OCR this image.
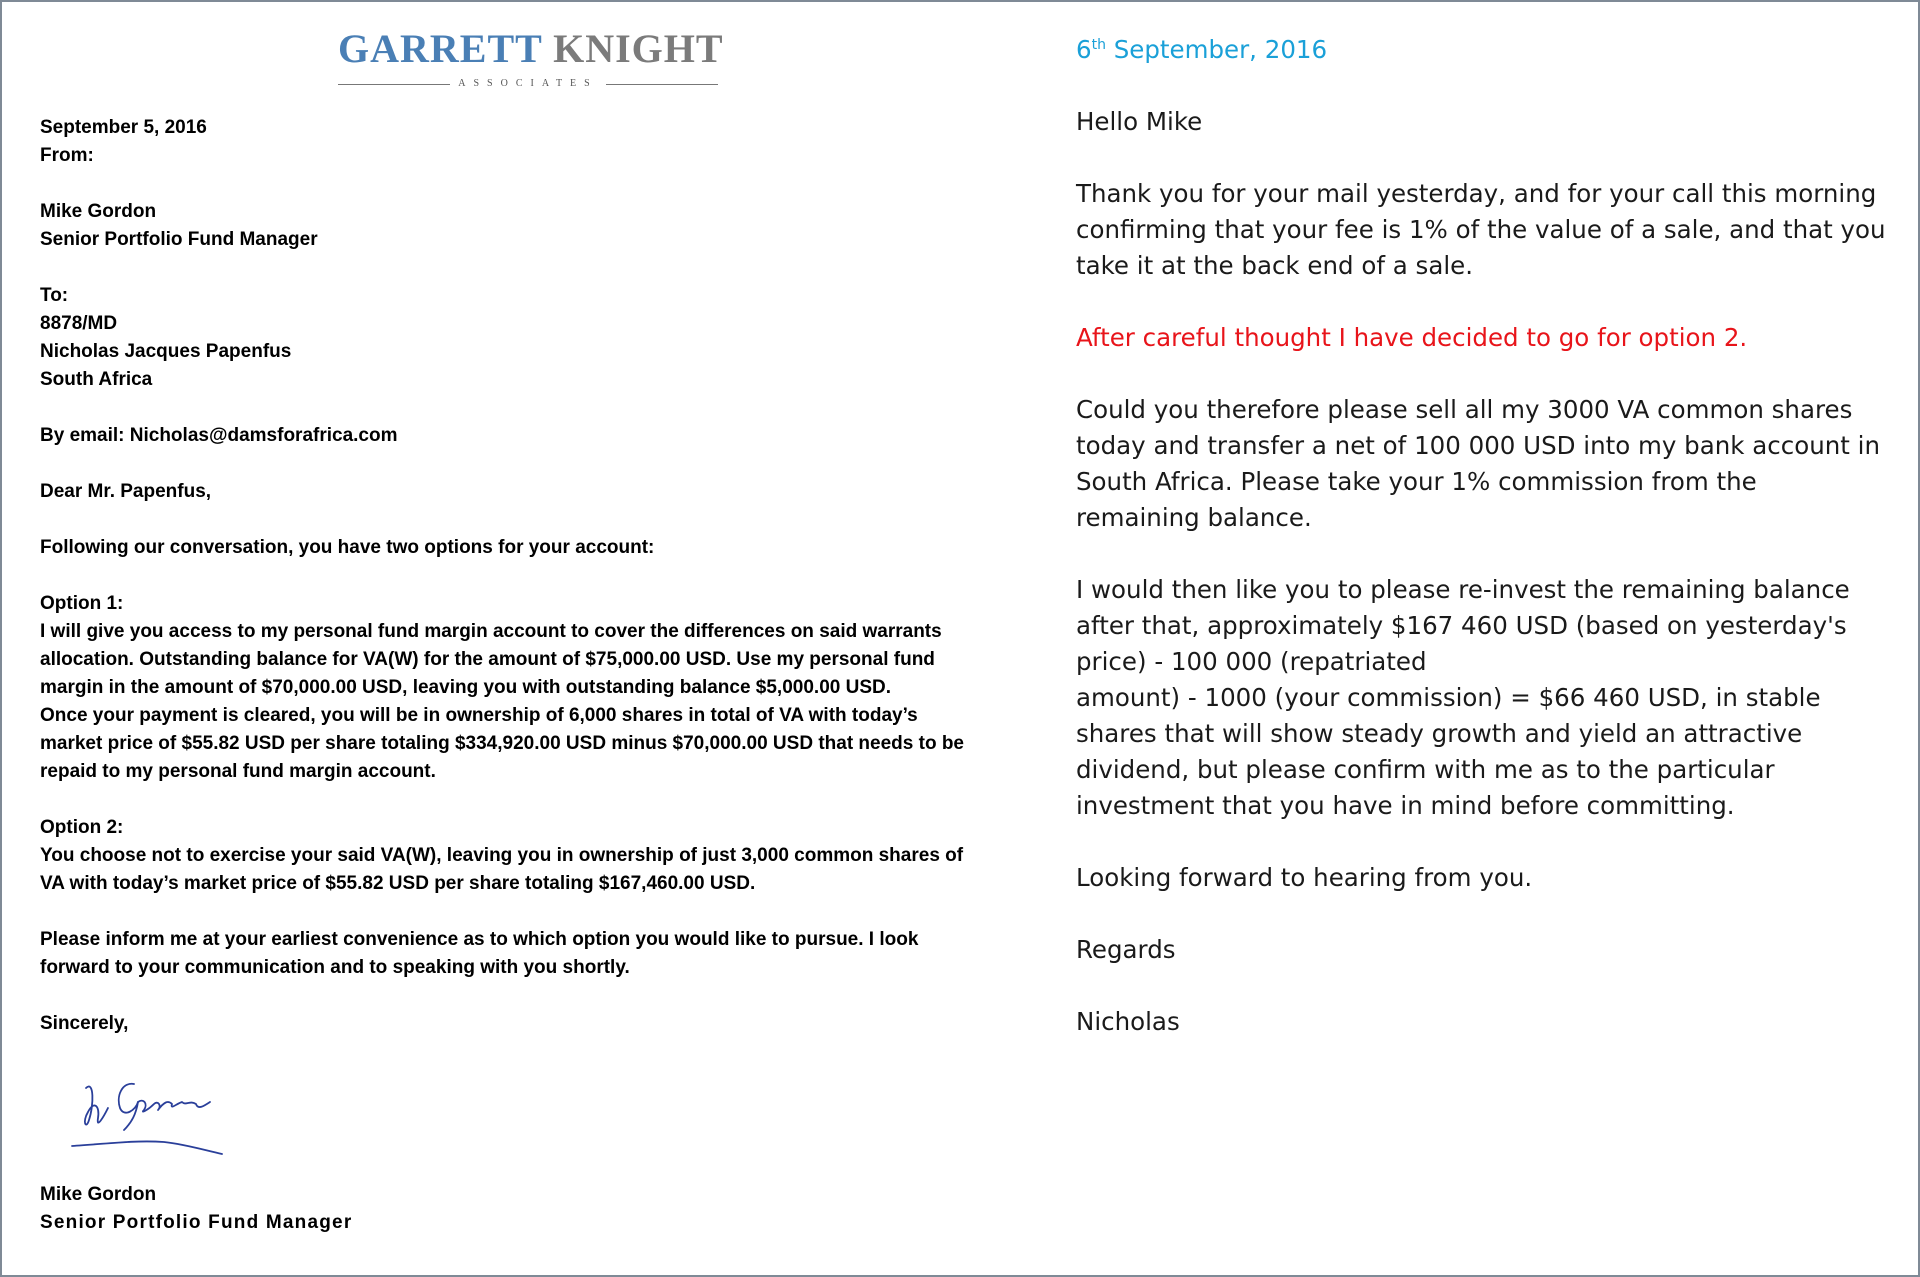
GARRETT KNIGHT
ASSOCIATES
September 5, 2016
From:
Mike Gordon
Senior Portfolio Fund Manager
To:
8878/MD
Nicholas Jacques Papenfus
South Africa
By email: Nicholas@damsforafrica.com
Dear Mr. Papenfus,
Following our conversation, you have two options for your account:
Option 1:
I will give you access to my personal fund margin account to cover the differences on said warrants
allocation. Outstanding balance for VA(W) for the amount of $75,000.00 USD. Use my personal fund
margin in the amount of $70,000.00 USD, leaving you with outstanding balance $5,000.00 USD.
Once your payment is cleared, you will be in ownership of 6,000 shares in total of VA with today’s
market price of $55.82 USD per share totaling $334,920.00 USD minus $70,000.00 USD that needs to be
repaid to my personal fund margin account.
Option 2:
You choose not to exercise your said VA(W), leaving you in ownership of just 3,000 common shares of
VA with today’s market price of $55.82 USD per share totaling $167,460.00 USD.
Please inform me at your earliest convenience as to which option you would like to pursue. I look
forward to your communication and to speaking with you shortly.
Sincerely,
Mike Gordon
Senior Portfolio Fund Manager
6th September, 2016
Hello Mike
Thank you for your mail yesterday, and for your call this morning
confirming that your fee is 1% of the value of a sale, and that you
take it at the back end of a sale.
After careful thought I have decided to go for option 2.
Could you therefore please sell all my 3000 VA common shares
today and transfer a net of 100 000 USD into my bank account in
South Africa. Please take your 1% commission from the
remaining balance.
I would then like you to please re-invest the remaining balance
after that, approximately $167 460 USD (based on yesterday's
price) - 100 000 (repatriated
amount) - 1000 (your commission) = $66 460 USD, in stable
shares that will show steady growth and yield an attractive
dividend, but please confirm with me as to the particular
investment that you have in mind before committing.
Looking forward to hearing from you.
Regards
Nicholas
